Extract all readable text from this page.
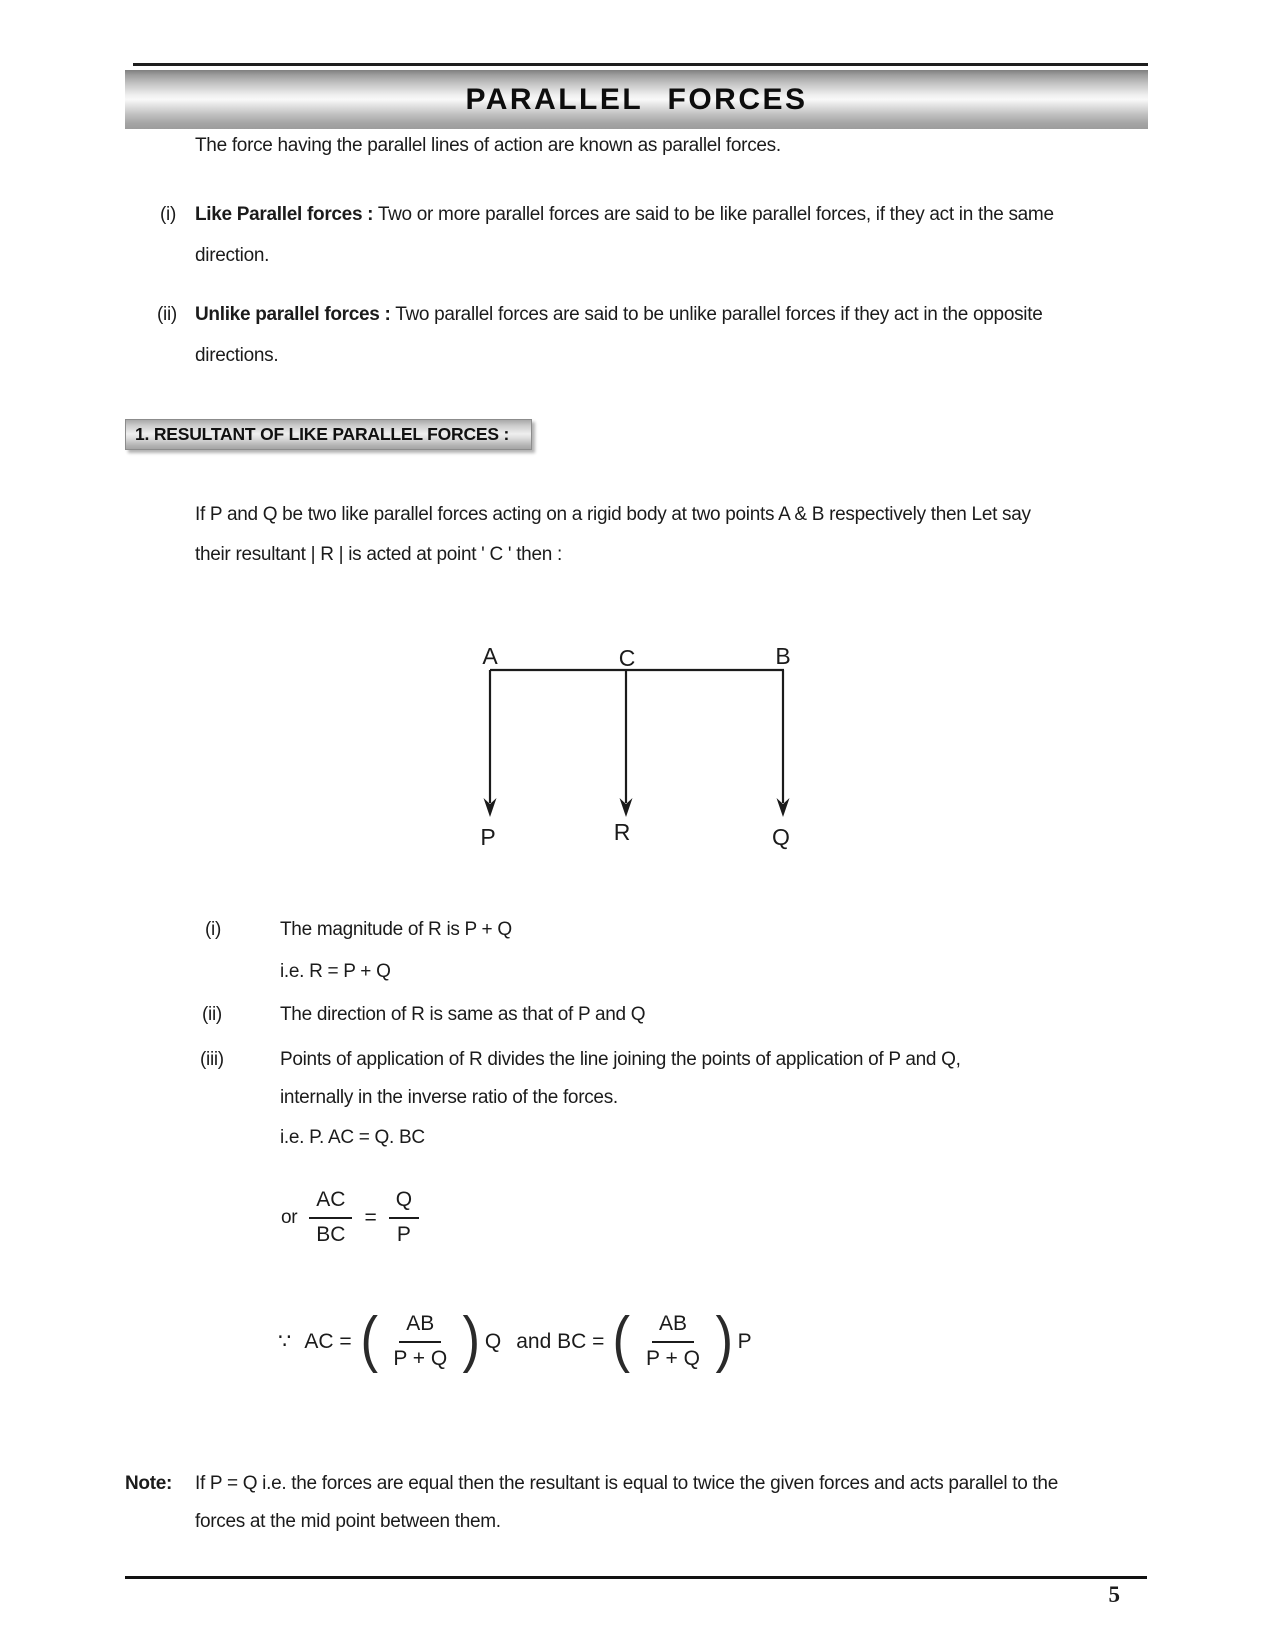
PARALLEL FORCES
The force having the parallel lines of action are known as parallel forces.
(i) Like Parallel forces : Two or more parallel forces are said to be like parallel forces, if they act in the same
direction.
(ii) Unlike parallel forces : Two parallel forces are said to be unlike parallel forces if they act in the opposite
directions.
1. RESULTANT OF LIKE PARALLEL FORCES :
If P and Q be two like parallel forces acting on a rigid body at two points A & B respectively then Let say
their resultant | R | is acted at point ' C ' then :
A	C	B
P	R	Q
(i)	The magnitude of R is P + Q
i.e. R = P + Q
(ii)	The direction of R is same as that of P and Q
(iii)	Points of application of R divides the line joining the points of application of P and Q,
internally in the inverse ratio of the forces.
i.e. P. AC = Q. BC
or $\frac{AC}{BC} = \frac{Q}{P}$
∵ AC = ( $\frac{AB}{P + Q}$ ) Q and BC = ( $\frac{AB}{P + Q}$ ) P
Note: If P = Q i.e. the forces are equal then the resultant is equal to twice the given forces and acts parallel to the
forces at the mid point between them.
5
